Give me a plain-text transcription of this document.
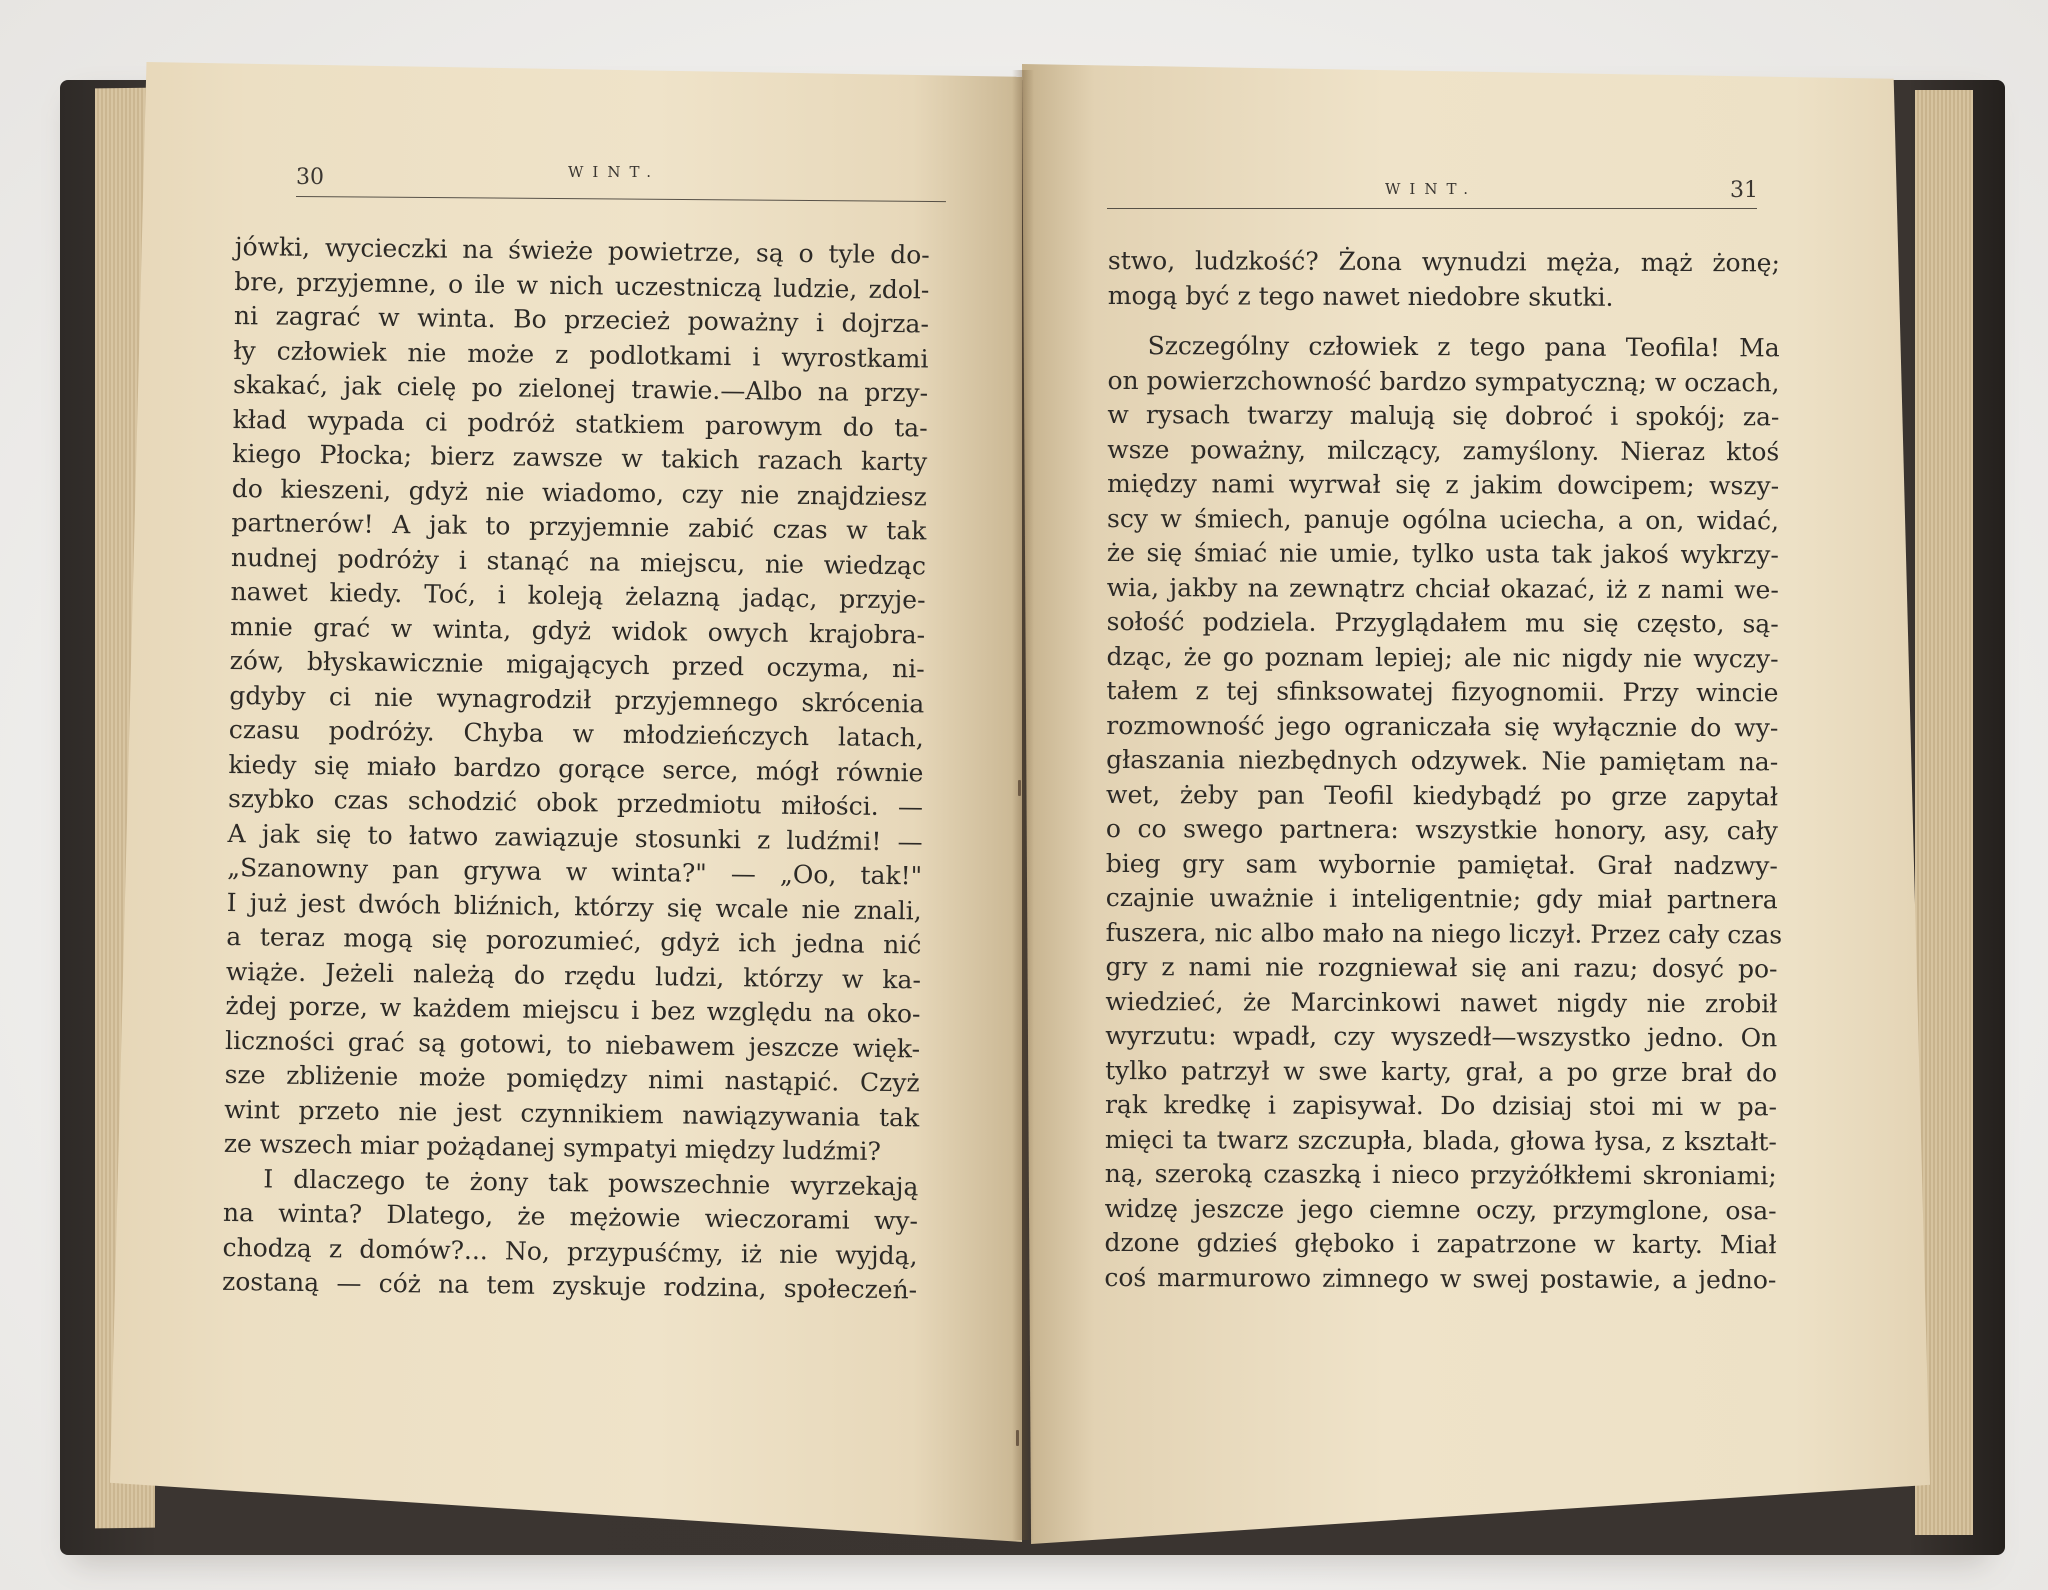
30	WINT.
WINT.	31
jówki, wycieczki na świeże powietrze, są o tyle do-
bre, przyjemne, o ile w nich uczestniczą ludzie, zdol-
ni zagrać w winta. Bo przecież poważny i dojrza-
ły człowiek nie może z podlotkami i wyrostkami
skakać, jak cielę po zielonej trawie.—Albo na przy-
kład wypada ci podróż statkiem parowym do ta-
kiego Płocka; bierz zawsze w takich razach karty
do kieszeni, gdyż nie wiadomo, czy nie znajdziesz
partnerów! A jak to przyjemnie zabić czas w tak
nudnej podróży i stanąć na miejscu, nie wiedząc
nawet kiedy. Toć, i koleją żelazną jadąc, przyje-
mnie grać w winta, gdyż widok owych krajobra-
zów, błyskawicznie migających przed oczyma, ni-
gdyby ci nie wynagrodził przyjemnego skrócenia
czasu podróży. Chyba w młodzieńczych latach,
kiedy się miało bardzo gorące serce, mógł równie
szybko czas schodzić obok przedmiotu miłości. —
A jak się to łatwo zawiązuje stosunki z ludźmi! —
„Szanowny pan grywa w winta?" — „Oo, tak!"
I już jest dwóch bliźnich, którzy się wcale nie znali,
a teraz mogą się porozumieć, gdyż ich jedna nić
wiąże. Jeżeli należą do rzędu ludzi, którzy w ka-
żdej porze, w każdem miejscu i bez względu na oko-
liczności grać są gotowi, to niebawem jeszcze więk-
sze zbliżenie może pomiędzy nimi nastąpić. Czyż
wint przeto nie jest czynnikiem nawiązywania tak
ze wszech miar pożądanej sympatyi między ludźmi?
I dlaczego te żony tak powszechnie wyrzekają
na winta? Dlatego, że mężowie wieczorami wy-
chodzą z domów?... No, przypuśćmy, iż nie wyjdą,
zostaną — cóż na tem zyskuje rodzina, społeczeń-
stwo, ludzkość? Żona wynudzi męża, mąż żonę;
mogą być z tego nawet niedobre skutki.
Szczególny człowiek z tego pana Teofila! Ma
on powierzchowność bardzo sympatyczną; w oczach,
w rysach twarzy malują się dobroć i spokój; za-
wsze poważny, milczący, zamyślony. Nieraz ktoś
między nami wyrwał się z jakim dowcipem; wszy-
scy w śmiech, panuje ogólna uciecha, a on, widać,
że się śmiać nie umie, tylko usta tak jakoś wykrzy-
wia, jakby na zewnątrz chciał okazać, iż z nami we-
sołość podziela. Przyglądałem mu się często, są-
dząc, że go poznam lepiej; ale nic nigdy nie wyczy-
tałem z tej sfinksowatej fizyognomii. Przy wincie
rozmowność jego ograniczała się wyłącznie do wy-
głaszania niezbędnych odzywek. Nie pamiętam na-
wet, żeby pan Teofil kiedybądź po grze zapytał
o co swego partnera: wszystkie honory, asy, cały
bieg gry sam wybornie pamiętał. Grał nadzwy-
czajnie uważnie i inteligentnie; gdy miał partnera
fuszera, nic albo mało na niego liczył. Przez cały czas
gry z nami nie rozgniewał się ani razu; dosyć po-
wiedzieć, że Marcinkowi nawet nigdy nie zrobił
wyrzutu: wpadł, czy wyszedł—wszystko jedno. On
tylko patrzył w swe karty, grał, a po grze brał do
rąk kredkę i zapisywał. Do dzisiaj stoi mi w pa-
mięci ta twarz szczupła, blada, głowa łysa, z kształt-
ną, szeroką czaszką i nieco przyżółkłemi skroniami;
widzę jeszcze jego ciemne oczy, przymglone, osa-
dzone gdzieś głęboko i zapatrzone w karty. Miał
coś marmurowo zimnego w swej postawie, a jedno-
